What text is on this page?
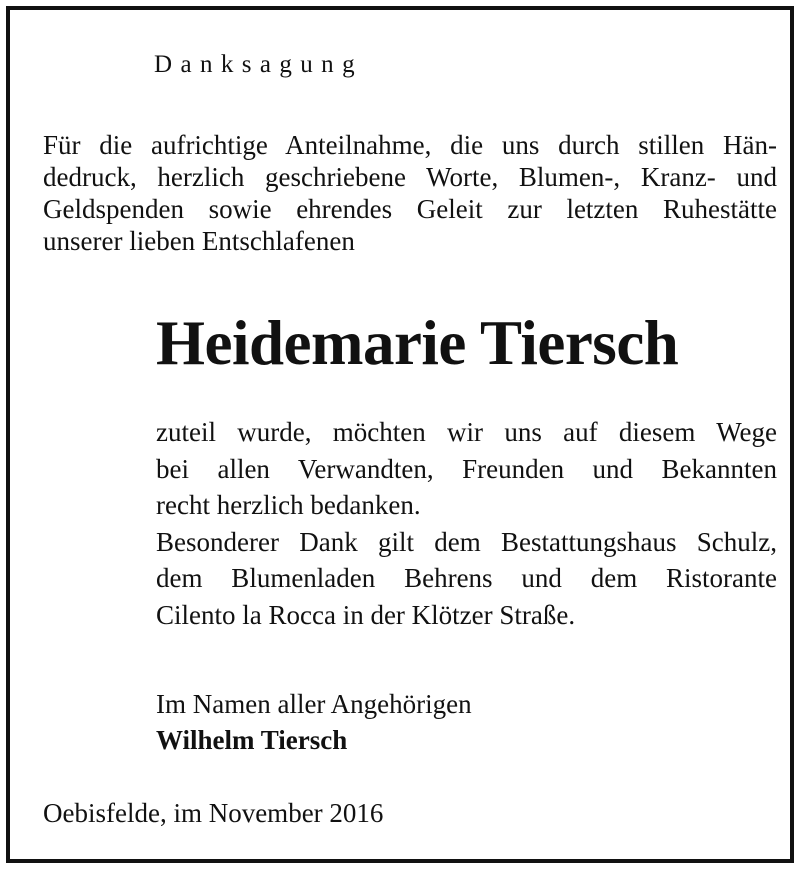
Danksagung
Für die aufrichtige Anteilnahme, die uns durch stillen Hän-
dedruck, herzlich geschriebene Worte, Blumen-, Kranz- und
Geldspenden sowie ehrendes Geleit zur letzten Ruhestätte
unserer lieben Entschlafenen
Heidemarie Tiersch
zuteil wurde, möchten wir uns auf diesem Wege
bei allen Verwandten, Freunden und Bekannten
recht herzlich bedanken.
Besonderer Dank gilt dem Bestattungshaus Schulz,
dem Blumenladen Behrens und dem Ristorante
Cilento la Rocca in der Klötzer Straße.
Im Namen aller Angehörigen
Wilhelm Tiersch
Oebisfelde, im November 2016
